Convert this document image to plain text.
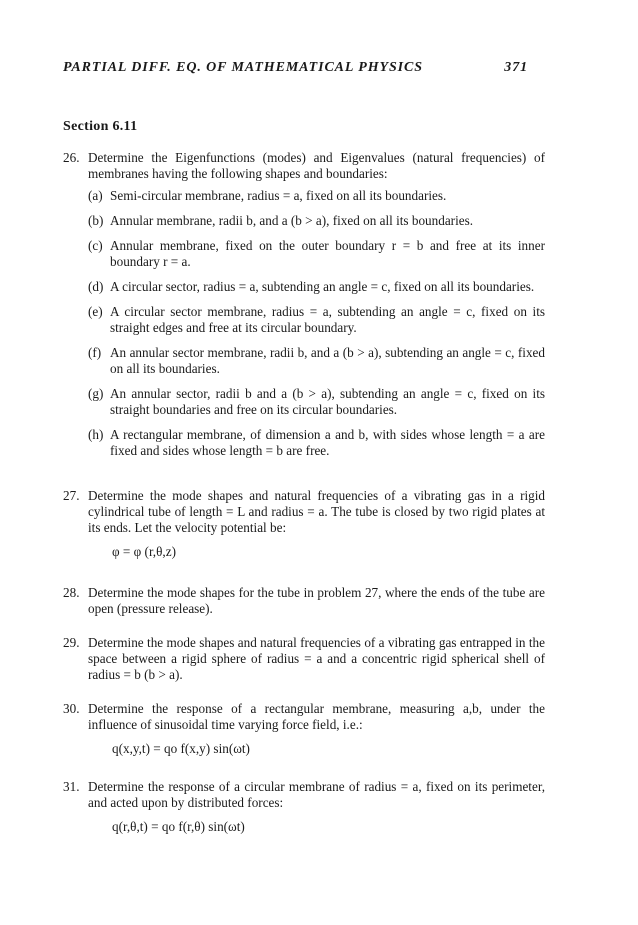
PARTIAL DIFF. EQ. OF MATHEMATICAL PHYSICS	371
Section 6.11
26. Determine the Eigenfunctions (modes) and Eigenvalues (natural frequencies) of membranes having the following shapes and boundaries:
(a) Semi-circular membrane, radius = a, fixed on all its boundaries.
(b) Annular membrane, radii b, and a (b > a), fixed on all its boundaries.
(c) Annular membrane, fixed on the outer boundary r = b and free at its inner boundary r = a.
(d) A circular sector, radius = a, subtending an angle = c, fixed on all its boundaries.
(e) A circular sector membrane, radius = a, subtending an angle = c, fixed on its straight edges and free at its circular boundary.
(f) An annular sector membrane, radii b, and a (b > a), subtending an angle = c, fixed on all its boundaries.
(g) An annular sector, radii b and a (b > a), subtending an angle = c, fixed on its straight boundaries and free on its circular boundaries.
(h) A rectangular membrane, of dimension a and b, with sides whose length = a are fixed and sides whose length = b are free.
27. Determine the mode shapes and natural frequencies of a vibrating gas in a rigid cylindrical tube of length = L and radius = a. The tube is closed by two rigid plates at its ends. Let the velocity potential be:
φ = φ (r,θ,z)
28. Determine the mode shapes for the tube in problem 27, where the ends of the tube are open (pressure release).
29. Determine the mode shapes and natural frequencies of a vibrating gas entrapped in the space between a rigid sphere of radius = a and a concentric rigid spherical shell of radius = b (b > a).
30. Determine the response of a rectangular membrane, measuring a,b, under the influence of sinusoidal time varying force field, i.e.:
q(x,y,t) = qo f(x,y) sin(ωt)
31. Determine the response of a circular membrane of radius = a, fixed on its perimeter, and acted upon by distributed forces:
q(r,θ,t) = qo f(r,θ) sin(ωt)
